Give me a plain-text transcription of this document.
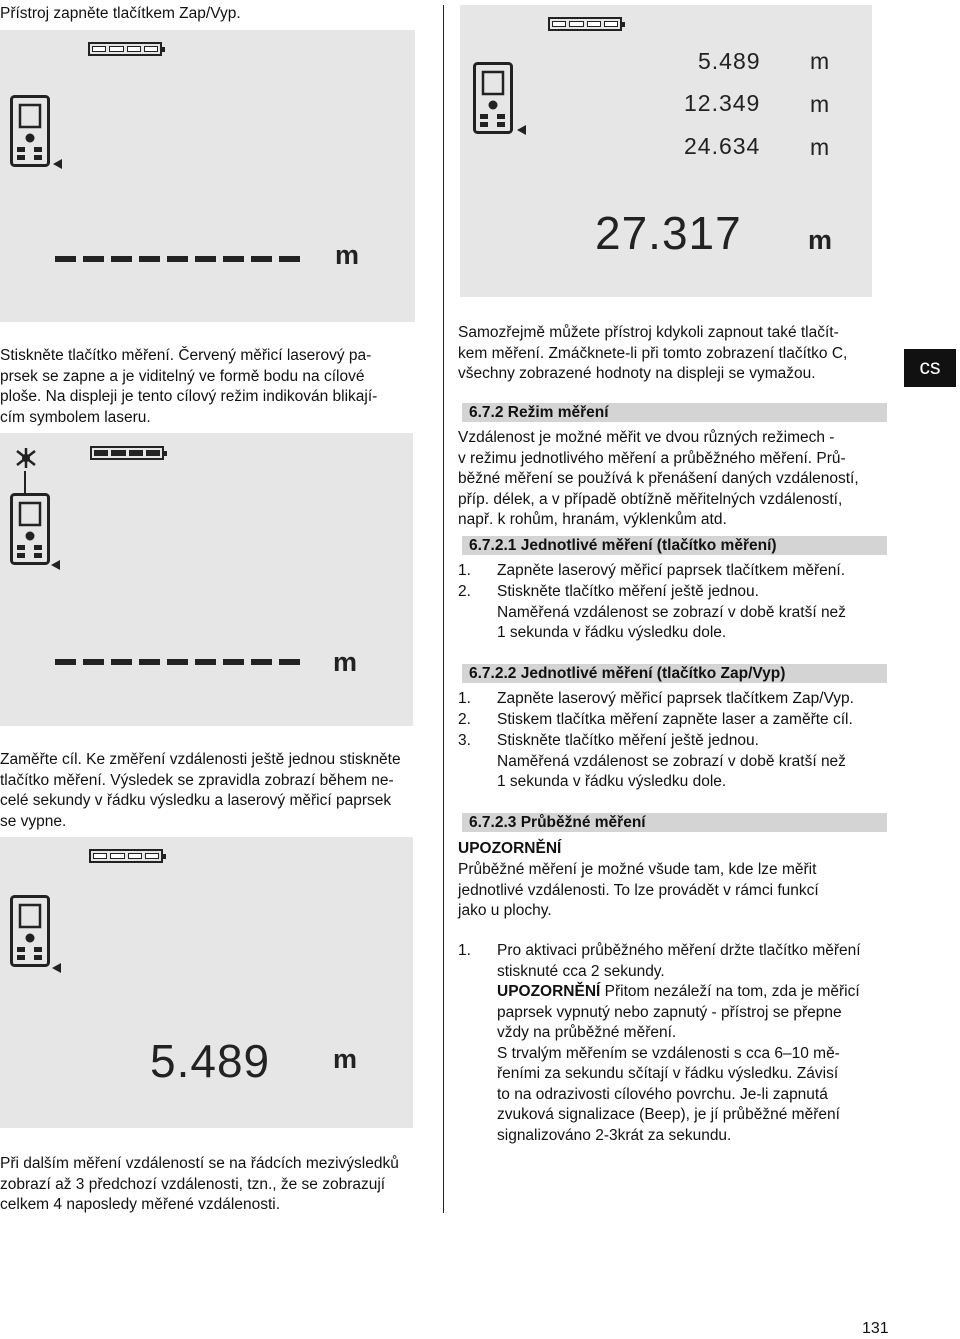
Přístroj zapněte tlačítkem Zap/Vyp.
m
Stiskněte tlačítko měření. Červený měřicí laserový pa-
prsek se zapne a je viditelný ve formě bodu na cílové
ploše. Na displeji je tento cílový režim indikován blikají-
cím symbolem laseru.
m
Zaměřte cíl. Ke změření vzdálenosti ještě jednou stiskněte
tlačítko měření. Výsledek se zpravidla zobrazí během ne-
celé sekundy v řádku výsledku a laserový měřicí paprsek
se vypne.
5.489 m
Při dalším měření vzdáleností se na řádcích mezivýsledků
zobrazí až 3 předchozí vzdálenosti, tzn., že se zobrazují
celkem 4 naposledy měřené vzdálenosti.
5.489 m
12.349 m
24.634 m
27.317 m
Samozřejmě můžete přístroj kdykoli zapnout také tlačít-
kem měření. Zmáčknete-li při tomto zobrazení tlačítko C,
všechny zobrazené hodnoty na displeji se vymažou.
6.7.2 Režim měření
Vzdálenost je možné měřit ve dvou různých režimech -
v režimu jednotlivého měření a průběžného měření. Prů-
běžné měření se používá k přenášení daných vzdáleností,
příp. délek, a v případě obtížně měřitelných vzdáleností,
např. k rohům, hranám, výklenkům atd.
6.7.2.1 Jednotlivé měření (tlačítko měření)
1. Zapněte laserový měřicí paprsek tlačítkem měření.
2. Stiskněte tlačítko měření ještě jednou.
Naměřená vzdálenost se zobrazí v době kratší než
1 sekunda v řádku výsledku dole.
6.7.2.2 Jednotlivé měření (tlačítko Zap/Vyp)
1. Zapněte laserový měřicí paprsek tlačítkem Zap/Vyp.
2. Stiskem tlačítka měření zapněte laser a zaměřte cíl.
3. Stiskněte tlačítko měření ještě jednou.
Naměřená vzdálenost se zobrazí v době kratší než
1 sekunda v řádku výsledku dole.
6.7.2.3 Průběžné měření
UPOZORNĚNÍ
Průběžné měření je možné všude tam, kde lze měřit
jednotlivé vzdálenosti. To lze provádět v rámci funkcí
jako u plochy.
1. Pro aktivaci průběžného měření držte tlačítko měření
stisknuté cca 2 sekundy.
UPOZORNĚNÍ Přitom nezáleží na tom, zda je měřicí
paprsek vypnutý nebo zapnutý - přístroj se přepne
vždy na průběžné měření.
S trvalým měřením se vzdálenosti s cca 6–10 mě-
řeními za sekundu sčítají v řádku výsledku. Závisí
to na odrazivosti cílového povrchu. Je-li zapnutá
zvuková signalizace (Beep), je jí průběžné měření
signalizováno 2-3krát za sekundu.
cs
131
